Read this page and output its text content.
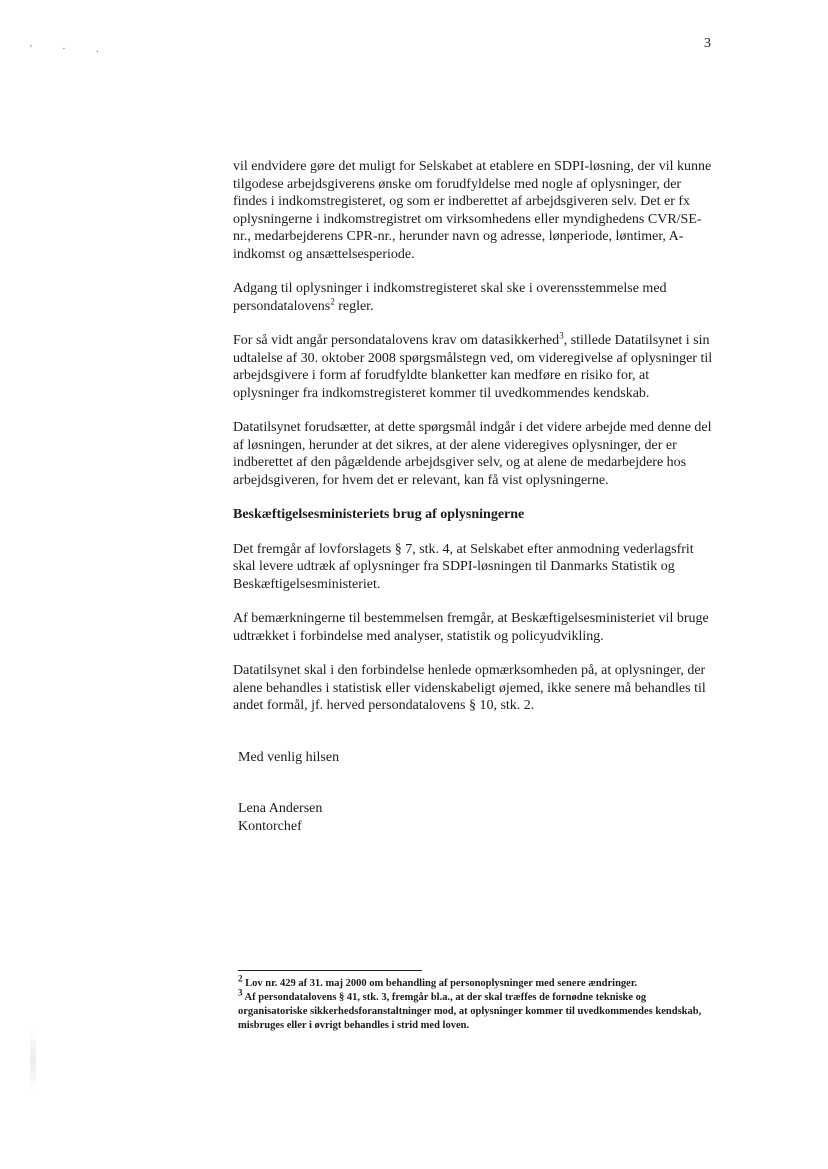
' · .	3

vil endvidere gøre det muligt for Selskabet at etablere en SDPI-løsning, der vil kunne tilgodese arbejdsgiverens ønske om forudfyldelse med nogle af oplysninger, der findes i indkomstregisteret, og som er indberettet af arbejdsgiveren selv. Det er fx oplysningerne i indkomstregistret om virksomhedens eller myndighedens CVR/SE-nr., medarbejderens CPR-nr., herunder navn og adresse, lønperiode, løntimer, A-indkomst og ansættelsesperiode.

Adgang til oplysninger i indkomstregisteret skal ske i overensstemmelse med persondatalovens$^2$ regler.

For så vidt angår persondatalovens krav om datasikkerhed$^3$, stillede Datatilsynet i sin udtalelse af 30. oktober 2008 spørgsmålstegn ved, om videregivelse af oplysninger til arbejdsgivere i form af forudfyldte blanketter kan medføre en risiko for, at oplysninger fra indkomstregisteret kommer til uvedkommendes kendskab.

Datatilsynet forudsætter, at dette spørgsmål indgår i det videre arbejde med denne del af løsningen, herunder at det sikres, at der alene videregives oplysninger, der er indberettet af den pågældende arbejdsgiver selv, og at alene de medarbejdere hos arbejdsgiveren, for hvem det er relevant, kan få vist oplysningerne.

Beskæftigelsesministeriets brug af oplysningerne

Det fremgår af lovforslagets § 7, stk. 4, at Selskabet efter anmodning vederlagsfrit skal levere udtræk af oplysninger fra SDPI-løsningen til Danmarks Statistik og Beskæftigelsesministeriet.

Af bemærkningerne til bestemmelsen fremgår, at Beskæftigelsesministeriet vil bruge udtrækket i forbindelse med analyser, statistik og policyudvikling.

Datatilsynet skal i den forbindelse henlede opmærksomheden på, at oplysninger, der alene behandles i statistisk eller videnskabeligt øjemed, ikke senere må behandles til andet formål, jf. herved persondatalovens § 10, stk. 2.

Med venlig hilsen
Lena Andersen
Kontorchef

$^2$ Lov nr. 429 af 31. maj 2000 om behandling af personoplysninger med senere ændringer.

$^3$ Af persondatalovens § 41, stk. 3, fremgår bl.a., at der skal træffes de fornødne tekniske og organisatoriske sikkerhedsforanstaltninger mod, at oplysninger kommer til uvedkommendes kendskab, misbruges eller i øvrigt behandles i strid med loven.
